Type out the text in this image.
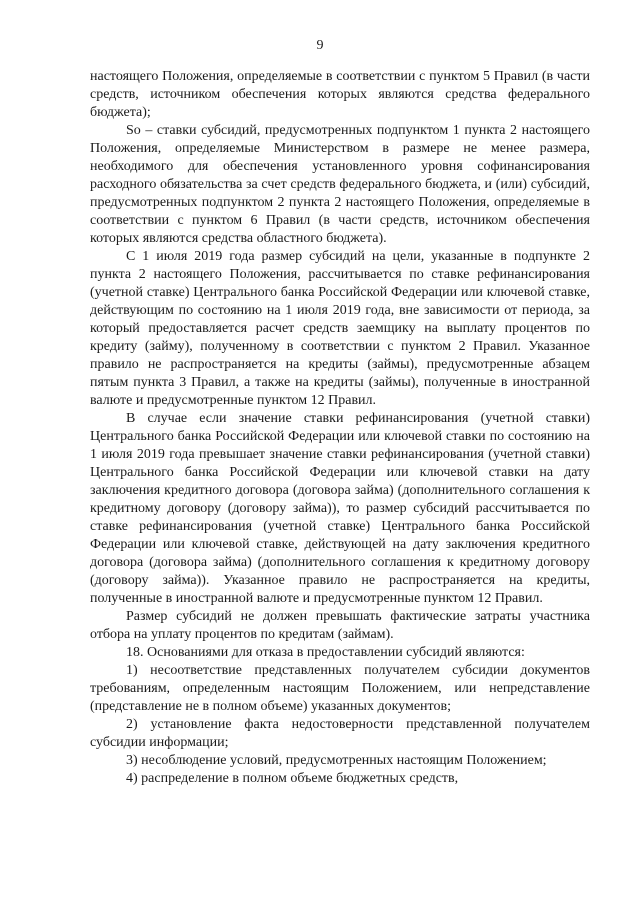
9

настоящего Положения, определяемые в соответствии с пунктом 5 Правил (в части средств, источником обеспечения которых являются средства федерального бюджета);

Sо – ставки субсидий, предусмотренных подпунктом 1 пункта 2 настоящего Положения, определяемые Министерством в размере не менее размера, необходимого для обеспечения установленного уровня софинансирования расходного обязательства за счет средств федерального бюджета, и (или) субсидий, предусмотренных подпунктом 2 пункта 2 настоящего Положения, определяемые в соответствии с пунктом 6 Правил (в части средств, источником обеспечения которых являются средства областного бюджета).

С 1 июля 2019 года размер субсидий на цели, указанные в подпункте 2 пункта 2 настоящего Положения, рассчитывается по ставке рефинансирования (учетной ставке) Центрального банка Российской Федерации или ключевой ставке, действующим по состоянию на 1 июля 2019 года, вне зависимости от периода, за который предоставляется расчет средств заемщику на выплату процентов по кредиту (займу), полученному в соответствии с пунктом 2 Правил. Указанное правило не распространяется на кредиты (займы), предусмотренные абзацем пятым пункта 3 Правил, а также на кредиты (займы), полученные в иностранной валюте и предусмотренные пунктом 12 Правил.

В случае если значение ставки рефинансирования (учетной ставки) Центрального банка Российской Федерации или ключевой ставки по состоянию на 1 июля 2019 года превышает значение ставки рефинансирования (учетной ставки) Центрального банка Российской Федерации или ключевой ставки на дату заключения кредитного договора (договора займа) (дополнительного соглашения к кредитному договору (договору займа)), то размер субсидий рассчитывается по ставке рефинансирования (учетной ставке) Центрального банка Российской Федерации или ключевой ставке, действующей на дату заключения кредитного договора (договора займа) (дополнительного соглашения к кредитному договору (договору займа)). Указанное правило не распространяется на кредиты, полученные в иностранной валюте и предусмотренные пунктом 12 Правил.

Размер субсидий не должен превышать фактические затраты участника отбора на уплату процентов по кредитам (займам).

18. Основаниями для отказа в предоставлении субсидий являются:

1) несоответствие представленных получателем субсидии документов требованиям, определенным настоящим Положением, или непредставление (представление не в полном объеме) указанных документов;

2) установление факта недостоверности представленной получателем субсидии информации;

3) несоблюдение условий, предусмотренных настоящим Положением;

4) распределение в полном объеме бюджетных средств,
